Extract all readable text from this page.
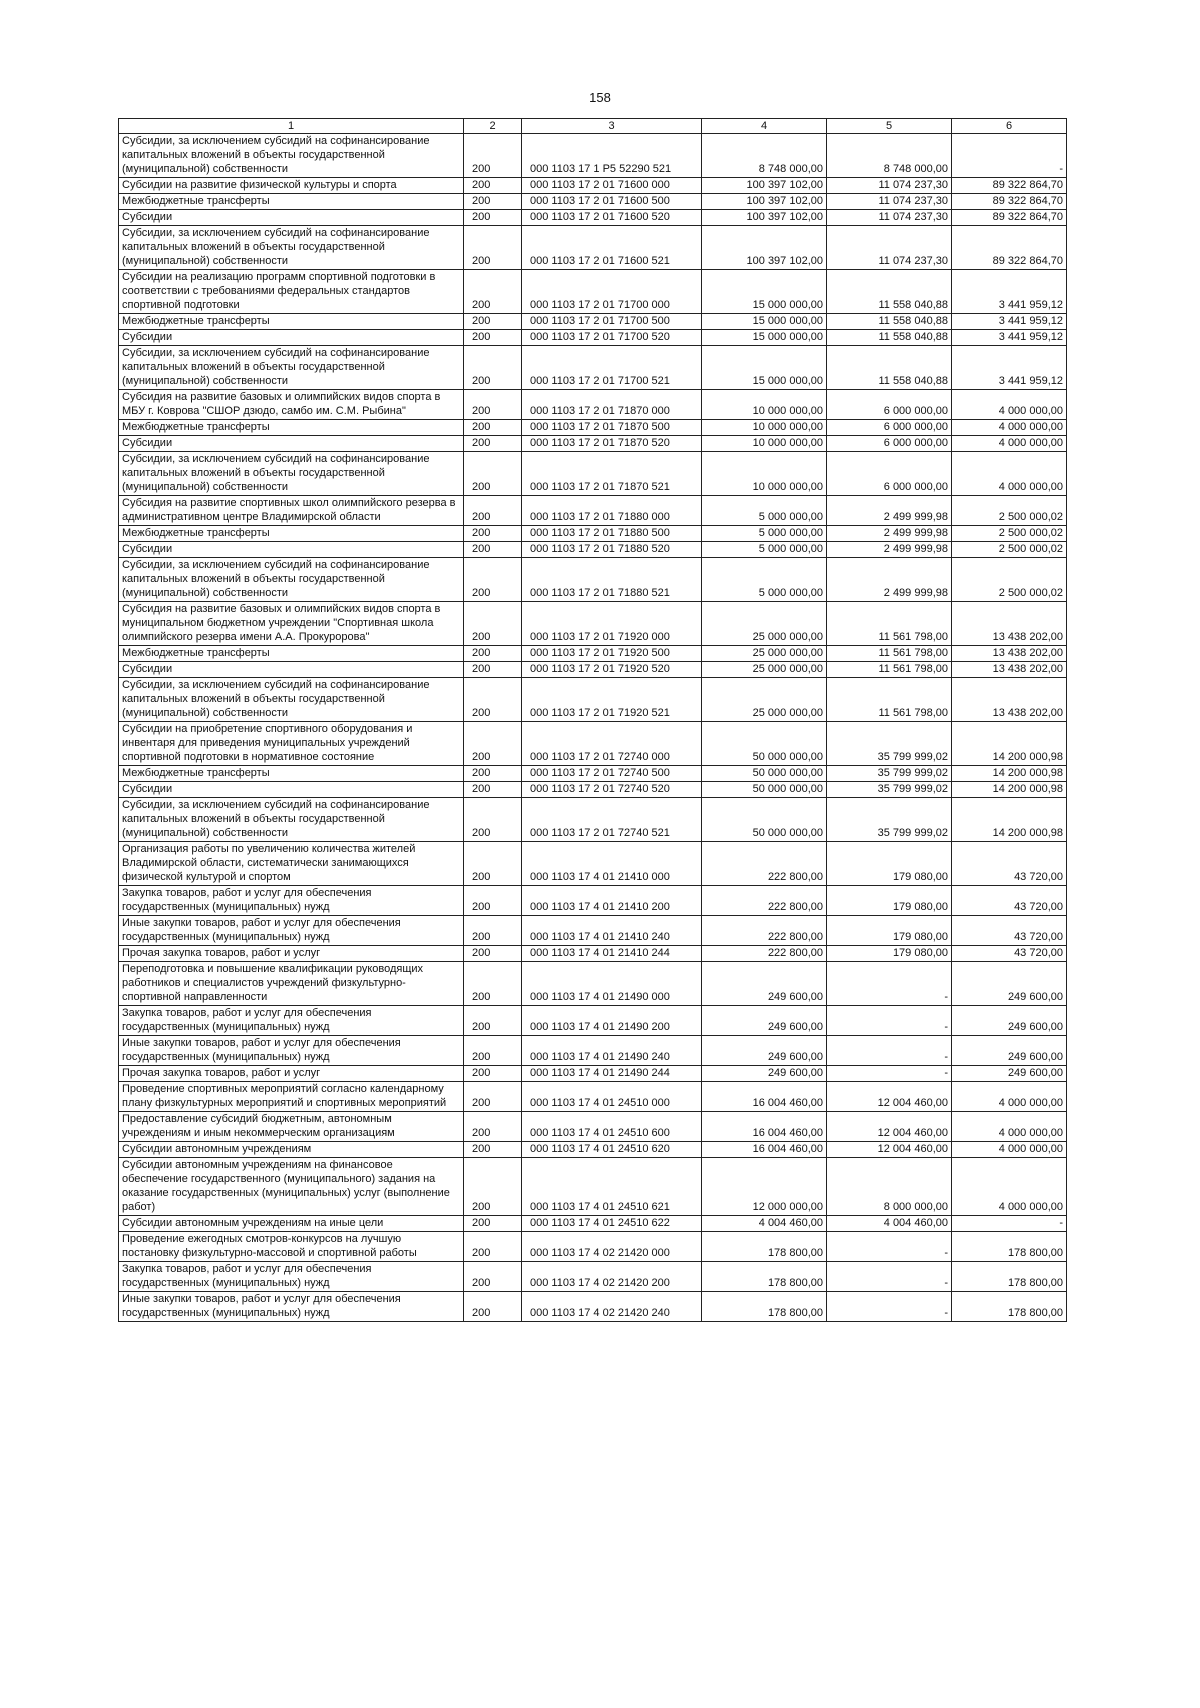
158
1	2	3	4	5	6
Субсидии, за исключением субсидий на софинансирование капитальных вложений в объекты государственной (муниципальной) собственности	200	000 1103 17 1 P5 52290 521	8 748 000,00	8 748 000,00	-
Субсидии на развитие физической культуры и спорта	200	000 1103 17 2 01 71600 000	100 397 102,00	11 074 237,30	89 322 864,70
Межбюджетные трансферты	200	000 1103 17 2 01 71600 500	100 397 102,00	11 074 237,30	89 322 864,70
Субсидии	200	000 1103 17 2 01 71600 520	100 397 102,00	11 074 237,30	89 322 864,70
Субсидии, за исключением субсидий на софинансирование капитальных вложений в объекты государственной (муниципальной) собственности	200	000 1103 17 2 01 71600 521	100 397 102,00	11 074 237,30	89 322 864,70
Субсидии на реализацию программ спортивной подготовки в соответствии с требованиями федеральных стандартов спортивной подготовки	200	000 1103 17 2 01 71700 000	15 000 000,00	11 558 040,88	3 441 959,12
Межбюджетные трансферты	200	000 1103 17 2 01 71700 500	15 000 000,00	11 558 040,88	3 441 959,12
Субсидии	200	000 1103 17 2 01 71700 520	15 000 000,00	11 558 040,88	3 441 959,12
Субсидии, за исключением субсидий на софинансирование капитальных вложений в объекты государственной (муниципальной) собственности	200	000 1103 17 2 01 71700 521	15 000 000,00	11 558 040,88	3 441 959,12
Субсидия на развитие базовых и олимпийских видов спорта в МБУ г. Коврова "СШОР дзюдо, самбо им. С.М. Рыбина"	200	000 1103 17 2 01 71870 000	10 000 000,00	6 000 000,00	4 000 000,00
Межбюджетные трансферты	200	000 1103 17 2 01 71870 500	10 000 000,00	6 000 000,00	4 000 000,00
Субсидии	200	000 1103 17 2 01 71870 520	10 000 000,00	6 000 000,00	4 000 000,00
Субсидии, за исключением субсидий на софинансирование капитальных вложений в объекты государственной (муниципальной) собственности	200	000 1103 17 2 01 71870 521	10 000 000,00	6 000 000,00	4 000 000,00
Субсидия на развитие спортивных школ олимпийского резерва в административном центре Владимирской области	200	000 1103 17 2 01 71880 000	5 000 000,00	2 499 999,98	2 500 000,02
Межбюджетные трансферты	200	000 1103 17 2 01 71880 500	5 000 000,00	2 499 999,98	2 500 000,02
Субсидии	200	000 1103 17 2 01 71880 520	5 000 000,00	2 499 999,98	2 500 000,02
Субсидии, за исключением субсидий на софинансирование капитальных вложений в объекты государственной (муниципальной) собственности	200	000 1103 17 2 01 71880 521	5 000 000,00	2 499 999,98	2 500 000,02
Субсидия на развитие базовых и олимпийских видов спорта в муниципальном бюджетном учреждении "Спортивная школа олимпийского резерва имени А.А. Прокуророва"	200	000 1103 17 2 01 71920 000	25 000 000,00	11 561 798,00	13 438 202,00
Межбюджетные трансферты	200	000 1103 17 2 01 71920 500	25 000 000,00	11 561 798,00	13 438 202,00
Субсидии	200	000 1103 17 2 01 71920 520	25 000 000,00	11 561 798,00	13 438 202,00
Субсидии, за исключением субсидий на софинансирование капитальных вложений в объекты государственной (муниципальной) собственности	200	000 1103 17 2 01 71920 521	25 000 000,00	11 561 798,00	13 438 202,00
Субсидии на приобретение спортивного оборудования и инвентаря для приведения муниципальных учреждений спортивной подготовки в нормативное состояние	200	000 1103 17 2 01 72740 000	50 000 000,00	35 799 999,02	14 200 000,98
Межбюджетные трансферты	200	000 1103 17 2 01 72740 500	50 000 000,00	35 799 999,02	14 200 000,98
Субсидии	200	000 1103 17 2 01 72740 520	50 000 000,00	35 799 999,02	14 200 000,98
Субсидии, за исключением субсидий на софинансирование капитальных вложений в объекты государственной (муниципальной) собственности	200	000 1103 17 2 01 72740 521	50 000 000,00	35 799 999,02	14 200 000,98
Организация работы по увеличению количества жителей Владимирской области, систематически занимающихся физической культурой и спортом	200	000 1103 17 4 01 21410 000	222 800,00	179 080,00	43 720,00
Закупка товаров, работ и услуг для обеспечения государственных (муниципальных) нужд	200	000 1103 17 4 01 21410 200	222 800,00	179 080,00	43 720,00
Иные закупки товаров, работ и услуг для обеспечения государственных (муниципальных) нужд	200	000 1103 17 4 01 21410 240	222 800,00	179 080,00	43 720,00
Прочая закупка товаров, работ и услуг	200	000 1103 17 4 01 21410 244	222 800,00	179 080,00	43 720,00
Переподготовка и повышение квалификации руководящих работников и специалистов учреждений физкультурно-спортивной направленности	200	000 1103 17 4 01 21490 000	249 600,00	-	249 600,00
Закупка товаров, работ и услуг для обеспечения государственных (муниципальных) нужд	200	000 1103 17 4 01 21490 200	249 600,00	-	249 600,00
Иные закупки товаров, работ и услуг для обеспечения государственных (муниципальных) нужд	200	000 1103 17 4 01 21490 240	249 600,00	-	249 600,00
Прочая закупка товаров, работ и услуг	200	000 1103 17 4 01 21490 244	249 600,00	-	249 600,00
Проведение спортивных мероприятий согласно календарному плану физкультурных мероприятий и спортивных мероприятий	200	000 1103 17 4 01 24510 000	16 004 460,00	12 004 460,00	4 000 000,00
Предоставление субсидий бюджетным, автономным учреждениям и иным некоммерческим организациям	200	000 1103 17 4 01 24510 600	16 004 460,00	12 004 460,00	4 000 000,00
Субсидии автономным учреждениям	200	000 1103 17 4 01 24510 620	16 004 460,00	12 004 460,00	4 000 000,00
Субсидии автономным учреждениям на финансовое обеспечение государственного (муниципального) задания на оказание государственных (муниципальных) услуг (выполнение работ)	200	000 1103 17 4 01 24510 621	12 000 000,00	8 000 000,00	4 000 000,00
Субсидии автономным учреждениям на иные цели	200	000 1103 17 4 01 24510 622	4 004 460,00	4 004 460,00	-
Проведение ежегодных смотров-конкурсов на лучшую постановку физкультурно-массовой и спортивной работы	200	000 1103 17 4 02 21420 000	178 800,00	-	178 800,00
Закупка товаров, работ и услуг для обеспечения государственных (муниципальных) нужд	200	000 1103 17 4 02 21420 200	178 800,00	-	178 800,00
Иные закупки товаров, работ и услуг для обеспечения государственных (муниципальных) нужд	200	000 1103 17 4 02 21420 240	178 800,00	-	178 800,00
